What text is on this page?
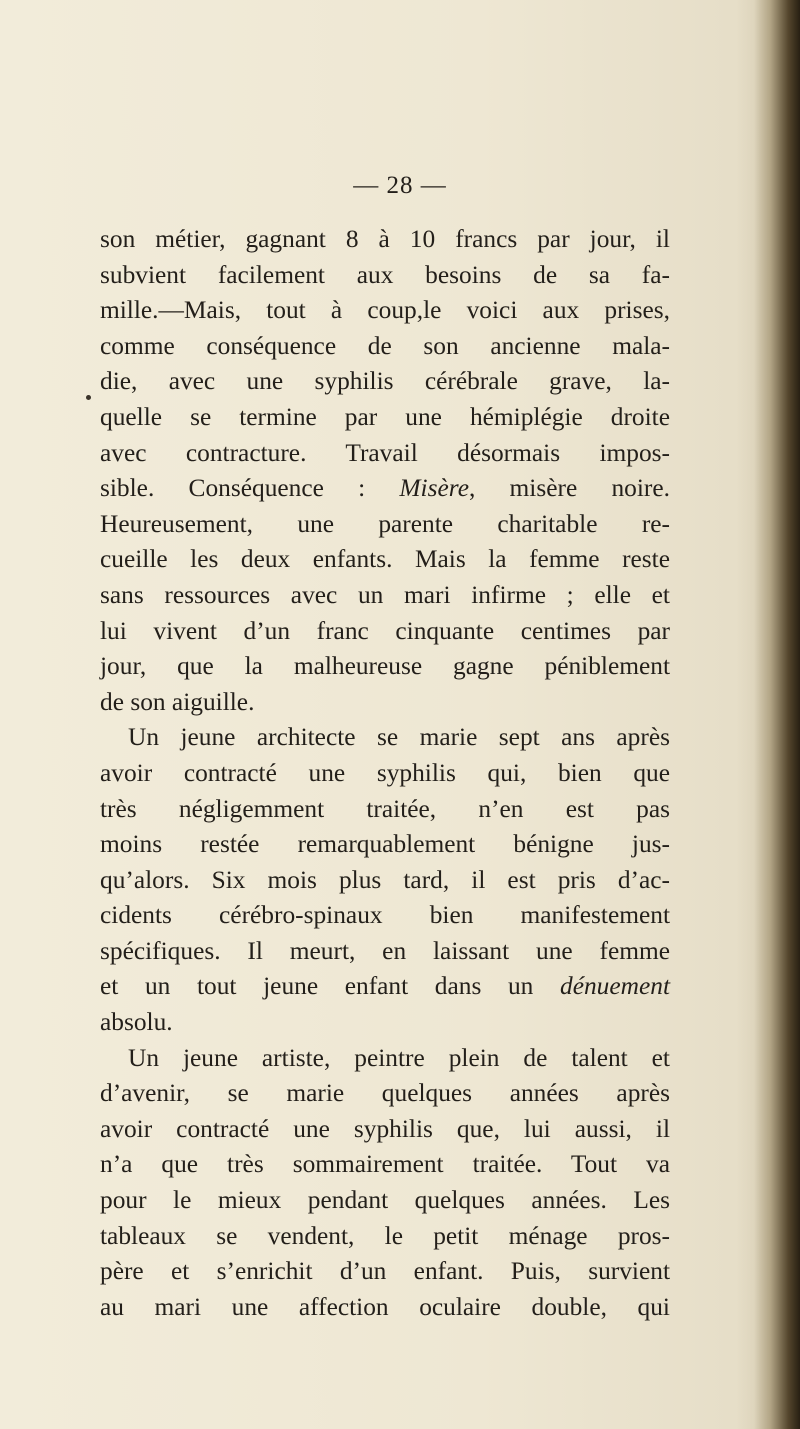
— 28 —
son métier, gagnant 8 à 10 francs par jour, il
subvient facilement aux besoins de sa fa-
mille.—Mais, tout à coup,le voici aux prises,
comme conséquence de son ancienne mala-
die, avec une syphilis cérébrale grave, la-
quelle se termine par une hémiplégie droite
avec contracture. Travail désormais impos-
sible. Conséquence : Misère, misère noire.
Heureusement, une parente charitable re-
cueille les deux enfants. Mais la femme reste
sans ressources avec un mari infirme ; elle et
lui vivent d’un franc cinquante centimes par
jour, que la malheureuse gagne péniblement
de son aiguille.
Un jeune architecte se marie sept ans après
avoir contracté une syphilis qui, bien que
très négligemment traitée, n’en est pas
moins restée remarquablement bénigne jus-
qu’alors. Six mois plus tard, il est pris d’ac-
cidents cérébro-spinaux bien manifestement
spécifiques. Il meurt, en laissant une femme
et un tout jeune enfant dans un dénuement
absolu.
Un jeune artiste, peintre plein de talent et
d’avenir, se marie quelques années après
avoir contracté une syphilis que, lui aussi, il
n’a que très sommairement traitée. Tout va
pour le mieux pendant quelques années. Les
tableaux se vendent, le petit ménage pros-
père et s’enrichit d’un enfant. Puis, survient
au mari une affection oculaire double, qui
